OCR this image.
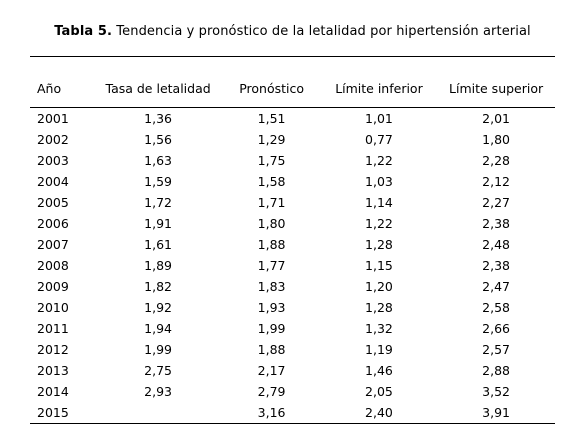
Tabla 5. Tendencia y pronóstico de la letalidad por hipertensión arterial
Año	Tasa de letalidad	Pronóstico	Límite inferior	Límite superior
2001	1,36	1,51	1,01	2,01
2002	1,56	1,29	0,77	1,80
2003	1,63	1,75	1,22	2,28
2004	1,59	1,58	1,03	2,12
2005	1,72	1,71	1,14	2,27
2006	1,91	1,80	1,22	2,38
2007	1,61	1,88	1,28	2,48
2008	1,89	1,77	1,15	2,38
2009	1,82	1,83	1,20	2,47
2010	1,92	1,93	1,28	2,58
2011	1,94	1,99	1,32	2,66
2012	1,99	1,88	1,19	2,57
2013	2,75	2,17	1,46	2,88
2014	2,93	2,79	2,05	3,52
2015		3,16	2,40	3,91
